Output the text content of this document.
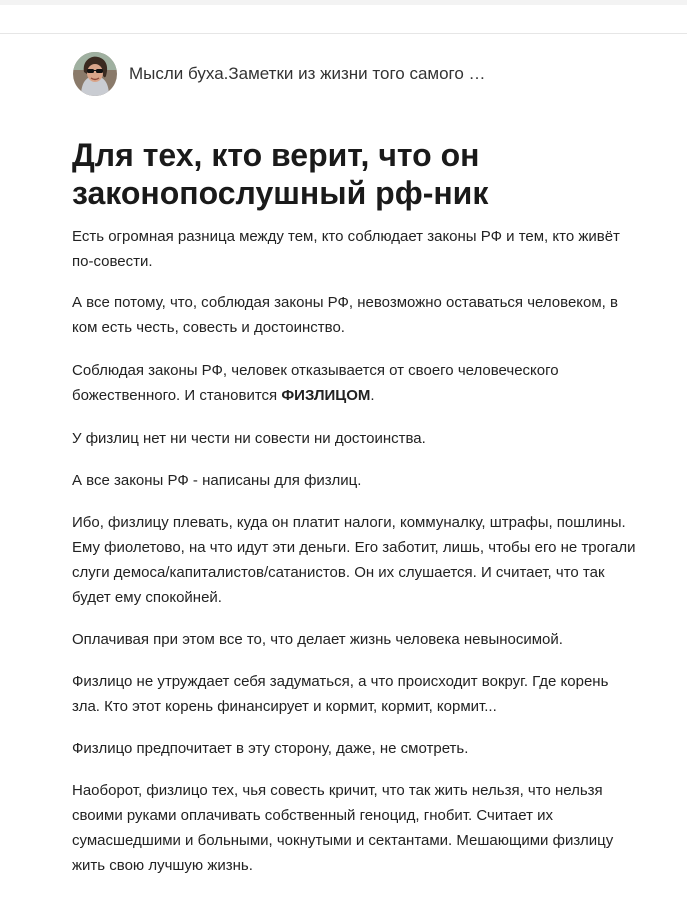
Мысли буха.Заметки из жизни того самого …
Для тех, кто верит, что он законопослушный рф-ник

Есть огромная разница между тем, кто соблюдает законы РФ и тем, кто живёт по-совести.

А все потому, что, соблюдая законы РФ, невозможно оставаться человеком, в ком есть честь, совесть и достоинство.

Соблюдая законы РФ, человек отказывается от своего человеческого божественного. И становится ФИЗЛИЦОМ.

У физлиц нет ни чести ни совести ни достоинства.

А все законы РФ - написаны для физлиц.

Ибо, физлицу плевать, куда он платит налоги, коммуналку, штрафы, пошлины. Ему фиолетово, на что идут эти деньги. Его заботит, лишь, чтобы его не трогали слуги демоса/капиталистов/сатанистов. Он их слушается. И считает, что так будет ему спокойней.

Оплачивая при этом все то, что делает жизнь человека невыносимой.

Физлицо не утруждает себя задуматься, а что происходит вокруг. Где корень зла. Кто этот корень финансирует и кормит, кормит, кормит...

Физлицо предпочитает в эту сторону, даже, не смотреть.

Наоборот, физлицо тех, чья совесть кричит, что так жить нельзя, что нельзя своими руками оплачивать собственный геноцид, гнобит. Считает их сумасшедшими и больными, чокнутыми и сектантами. Мешающими физлицу жить свою лучшую жизнь.
